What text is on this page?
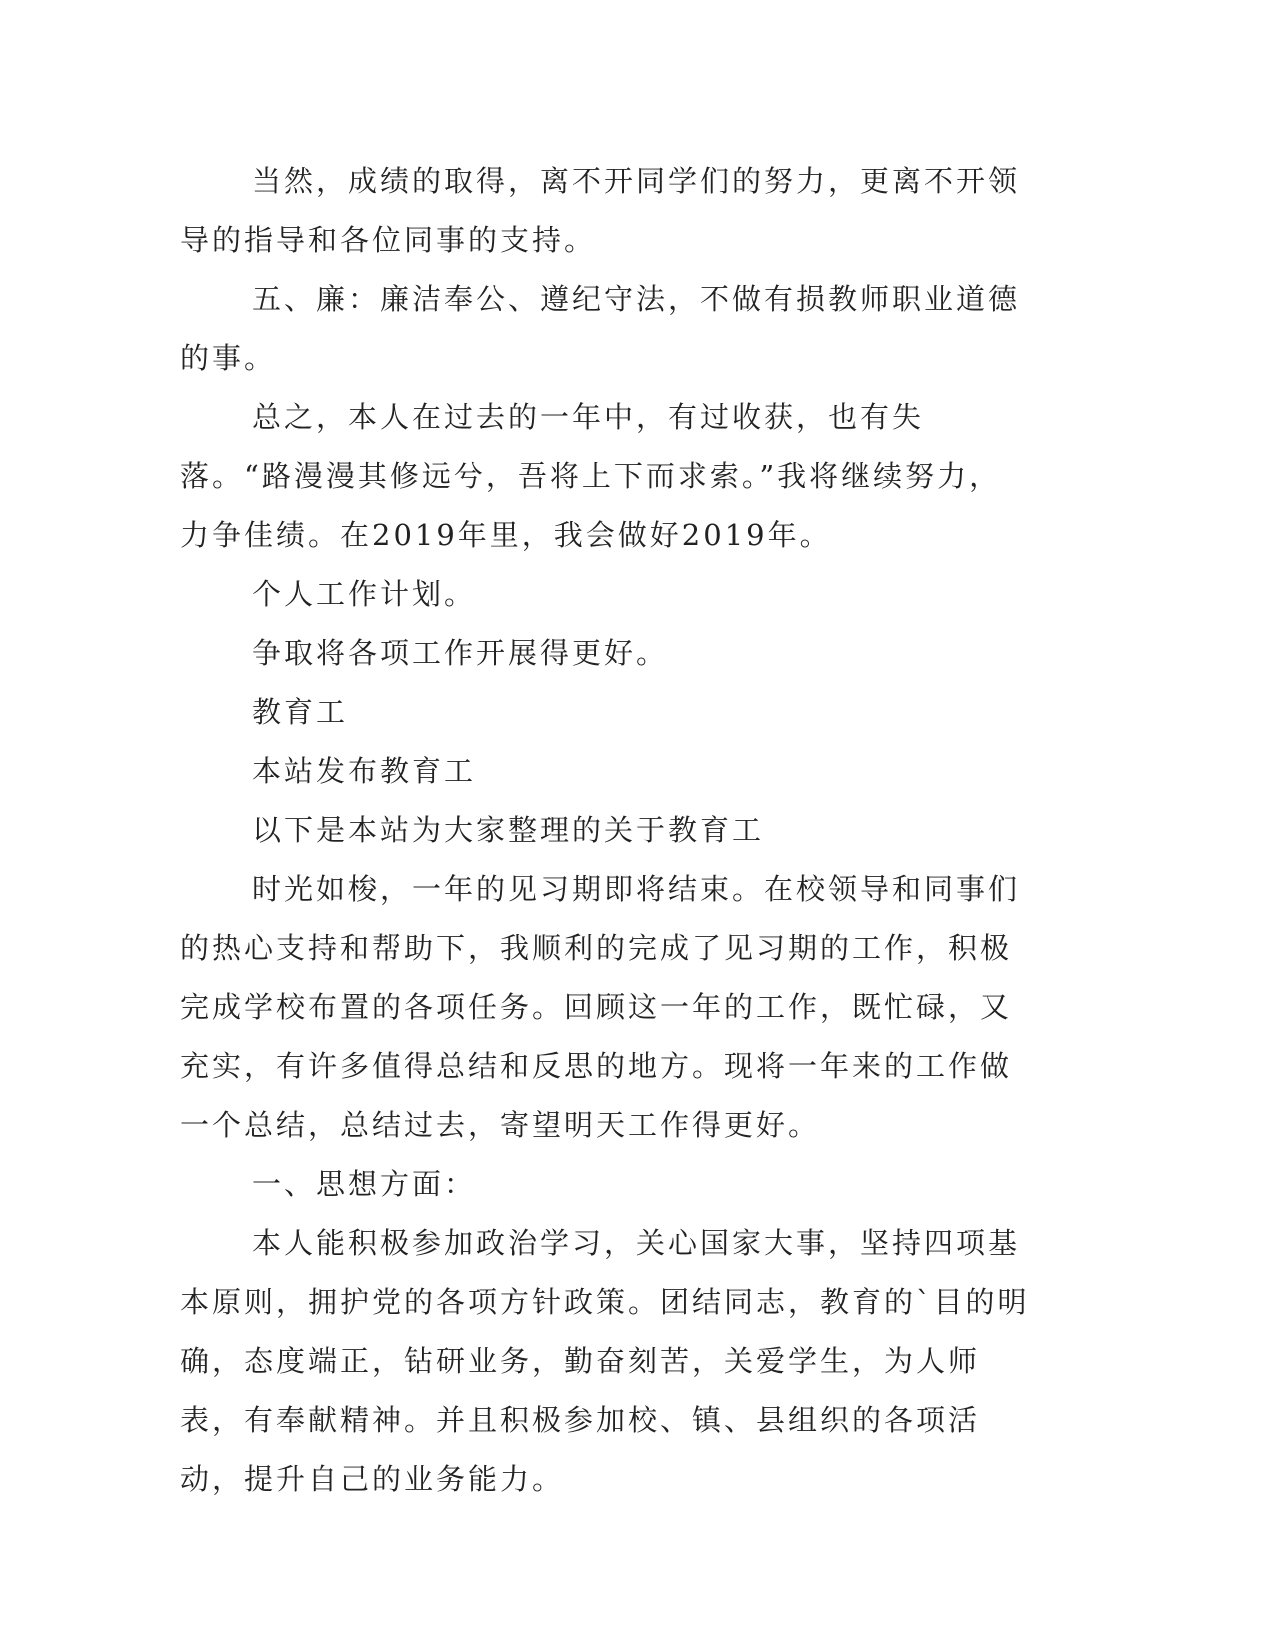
当然，成绩的取得，离不开同学们的努力，更离不开领导的指导和各位同事的支持。

五、廉：廉洁奉公、遵纪守法，不做有损教师职业道德的事。

总之，本人在过去的一年中，有过收获，也有失落。“路漫漫其修远兮，吾将上下而求索。”我将继续努力，力争佳绩。在2019年里，我会做好2019年。

个人工作计划。

争取将各项工作开展得更好。

教育工

本站发布教育工

以下是本站为大家整理的关于教育工

时光如梭，一年的见习期即将结束。在校领导和同事们的热心支持和帮助下，我顺利的完成了见习期的工作，积极完成学校布置的各项任务。回顾这一年的工作，既忙碌，又充实，有许多值得总结和反思的地方。现将一年来的工作做一个总结，总结过去，寄望明天工作得更好。

一、思想方面：

本人能积极参加政治学习，关心国家大事，坚持四项基本原则，拥护党的各项方针政策。团结同志，教育的`目的明确，态度端正，钻研业务，勤奋刻苦，关爱学生，为人师表，有奉献精神。并且积极参加校、镇、县组织的各项活动，提升自己的业务能力。
